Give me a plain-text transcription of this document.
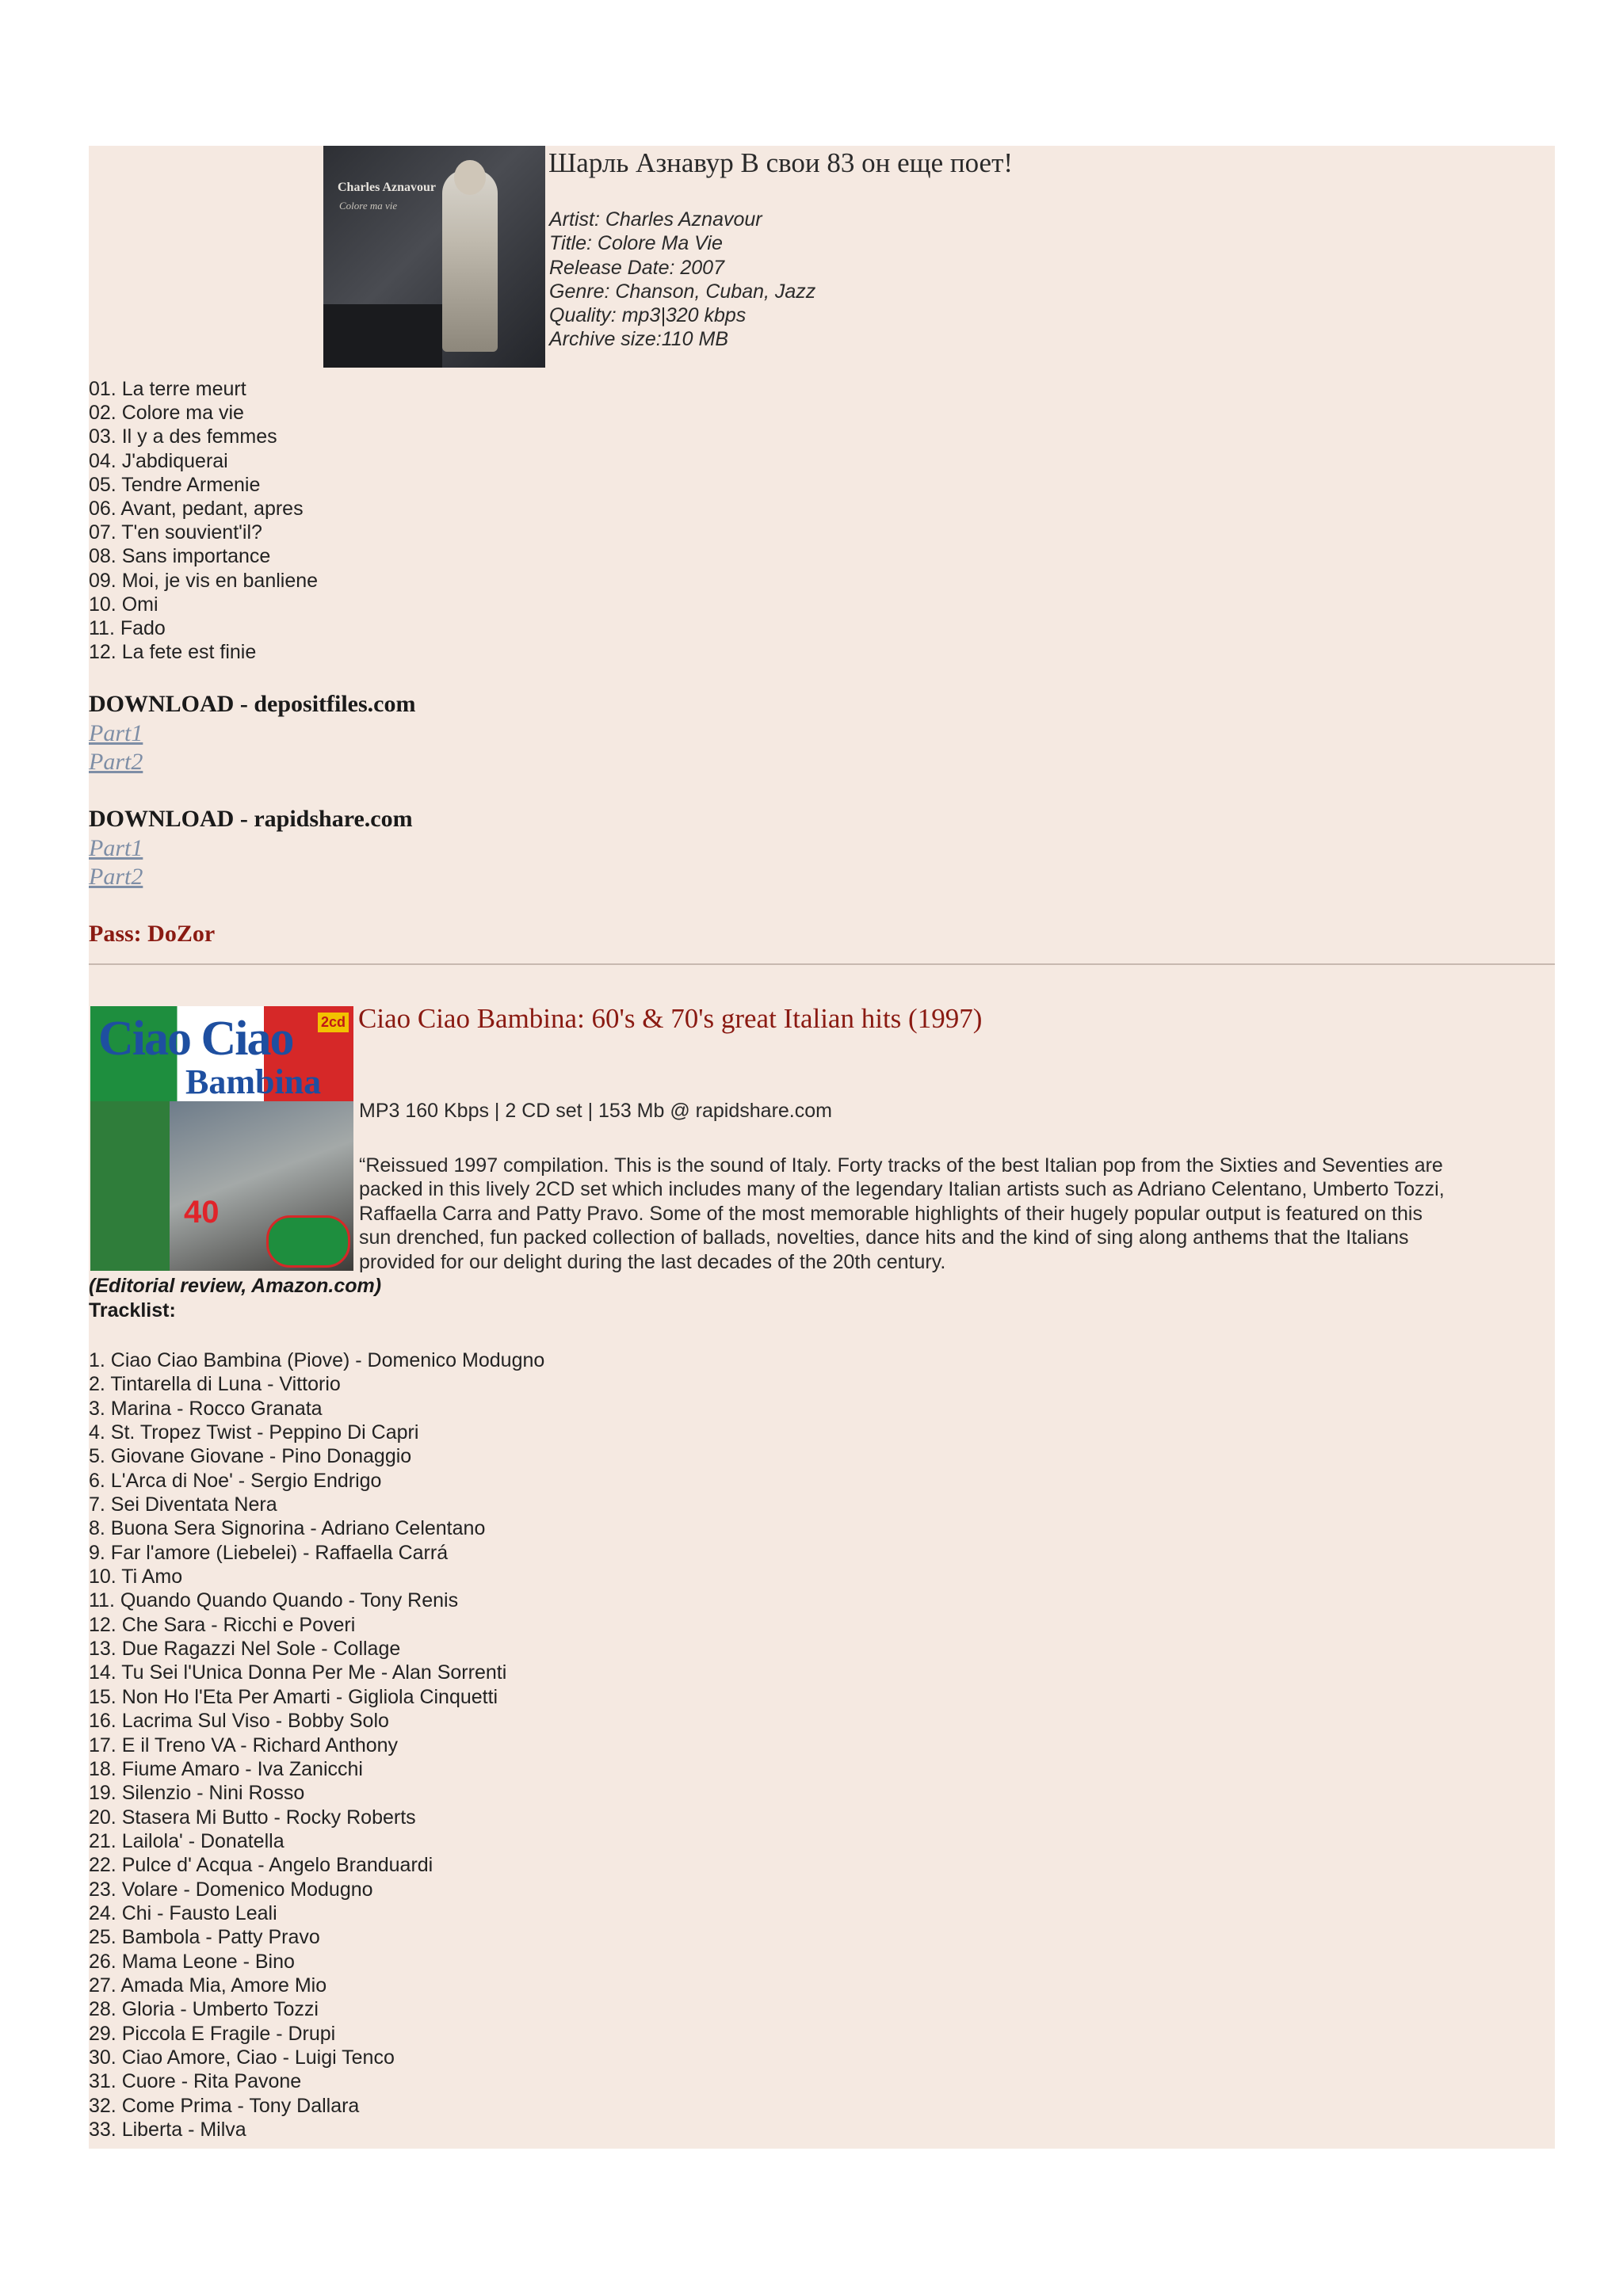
Charles Aznavour
Colore ma vie
Шарль Азнавур В свои 83 он еще поет!
Artist: Charles Aznavour
Title: Colore Ma Vie
Release Date: 2007
Genre: Chanson, Cuban, Jazz
Quality: mp3|320 kbps
Archive size:110 MB
01. La terre meurt
02. Colore ma vie
03. Il y a des femmes
04. J'abdiquerai
05. Tendre Armenie
06. Avant, pedant, apres
07. T'en souvient'il?
08. Sans importance
09. Moi, je vis en banliene
10. Omi
11. Fado
12. La fete est finie
DOWNLOAD - depositfiles.com
Part1
Part2
DOWNLOAD - rapidshare.com
Part1
Part2
Pass: DoZor
Ciao Ciao
Bambina
2cd
40
Ciao Ciao Bambina: 60's & 70's great Italian hits (1997)
MP3 160 Kbps | 2 CD set | 153 Mb @ rapidshare.com
“Reissued 1997 compilation. This is the sound of Italy. Forty tracks of the best Italian pop from the Sixties and Seventies are
packed in this lively 2CD set which includes many of the legendary Italian artists such as Adriano Celentano, Umberto Tozzi,
Raffaella Carra and Patty Pravo. Some of the most memorable highlights of their hugely popular output is featured on this
sun drenched, fun packed collection of ballads, novelties, dance hits and the kind of sing along anthems that the Italians
provided for our delight during the last decades of the 20th century.
(Editorial review, Amazon.com)
Tracklist:
1. Ciao Ciao Bambina (Piove) - Domenico Modugno
2. Tintarella di Luna - Vittorio
3. Marina - Rocco Granata
4. St. Tropez Twist - Peppino Di Capri
5. Giovane Giovane - Pino Donaggio
6. L'Arca di Noe' - Sergio Endrigo
7. Sei Diventata Nera
8. Buona Sera Signorina - Adriano Celentano
9. Far l'amore (Liebelei) - Raffaella Carrá
10. Ti Amo
11. Quando Quando Quando - Tony Renis
12. Che Sara - Ricchi e Poveri
13. Due Ragazzi Nel Sole - Collage
14. Tu Sei l'Unica Donna Per Me - Alan Sorrenti
15. Non Ho l'Eta Per Amarti - Gigliola Cinquetti
16. Lacrima Sul Viso - Bobby Solo
17. E il Treno VA - Richard Anthony
18. Fiume Amaro - Iva Zanicchi
19. Silenzio - Nini Rosso
20. Stasera Mi Butto - Rocky Roberts
21. Lailola' - Donatella
22. Pulce d' Acqua - Angelo Branduardi
23. Volare - Domenico Modugno
24. Chi - Fausto Leali
25. Bambola - Patty Pravo
26. Mama Leone - Bino
27. Amada Mia, Amore Mio
28. Gloria - Umberto Tozzi
29. Piccola E Fragile - Drupi
30. Ciao Amore, Ciao - Luigi Tenco
31. Cuore - Rita Pavone
32. Come Prima - Tony Dallara
33. Liberta - Milva
